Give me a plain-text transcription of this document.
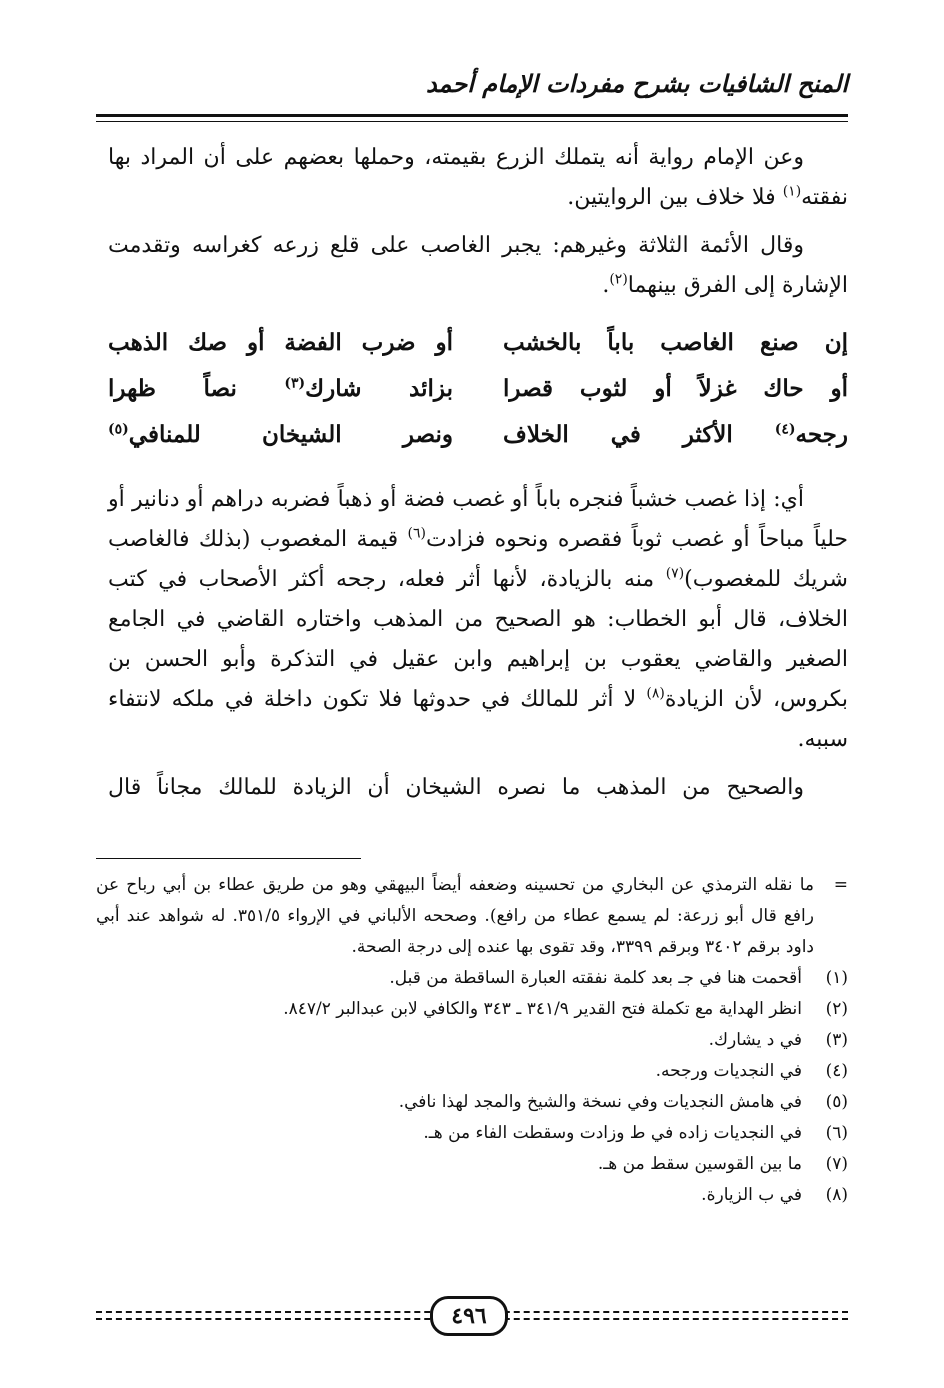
المنح الشافيات بشرح مفردات الإمام أحمد

وعن الإمام رواية أنه يتملك الزرع بقيمته، وحملها بعضهم على أن المراد بها نفقته$^{(١)}$ فلا خلاف بين الروايتين.

وقال الأئمة الثلاثة وغيرهم: يجبر الغاصب على قلع زرعه كغراسه وتقدمت الإشارة إلى الفرق بينهما$^{(٢)}$.

إن صنع الغاصب باباً بالخشب
أو ضرب الفضة أو صك الذهب
أو حاك غزلاً أو لثوب قصرا
بزائد شارك$^{(٣)}$ نصاً ظهرا
رجحه$^{(٤)}$ الأكثر في الخلاف
ونصر الشيخان للمنافي$^{(٥)}$

أي: إذا غصب خشباً فنجره باباً أو غصب فضة أو ذهباً فضربه دراهم أو دنانير أو حلياً مباحاً أو غصب ثوباً فقصره ونحوه فزادت$^{(٦)}$ قيمة المغصوب (بذلك فالغاصب شريك للمغصوب)$^{(٧)}$ منه بالزيادة، لأنها أثر فعله، رجحه أكثر الأصحاب في كتب الخلاف، قال أبو الخطاب: هو الصحيح من المذهب واختاره القاضي في الجامع الصغير والقاضي يعقوب بن إبراهيم وابن عقيل في التذكرة وأبو الحسن بن بكروس، لأن الزيادة$^{(٨)}$ لا أثر للمالك في حدوثها فلا تكون داخلة في ملكه لانتفاء سببه.

والصحيح من المذهب ما نصره الشيخان أن الزيادة للمالك مجاناً قال

=
ما نقله الترمذي عن البخاري من تحسينه وضعفه أيضاً البيهقي وهو من طريق عطاء بن أبي رباح عن رافع قال أبو زرعة: لم يسمع عطاء من رافع). وصححه الألباني في الإرواء ٣٥١/٥. له شواهد عند أبي داود برقم ٣٤٠٢ وبرقم ٣٣٩٩، وقد تقوى بها عنده إلى درجة الصحة.
(١)
أقحمت هنا في جـ بعد كلمة نفقته العبارة الساقطة من قبل.
(٢)
انظر الهداية مع تكملة فتح القدير ٣٤١/٩ ـ ٣٤٣ والكافي لابن عبدالبر ٨٤٧/٢.
(٣)
في د يشارك.
(٤)
في النجديات ورجحه.
(٥)
في هامش النجديات وفي نسخة والشيخ والمجد لهذا نافي.
(٦)
في النجديات زاده في ط وزادت وسقطت الفاء من هـ.
(٧)
ما بين القوسين سقط من هـ.
(٨)
في ب الزيارة.
٤٩٦
